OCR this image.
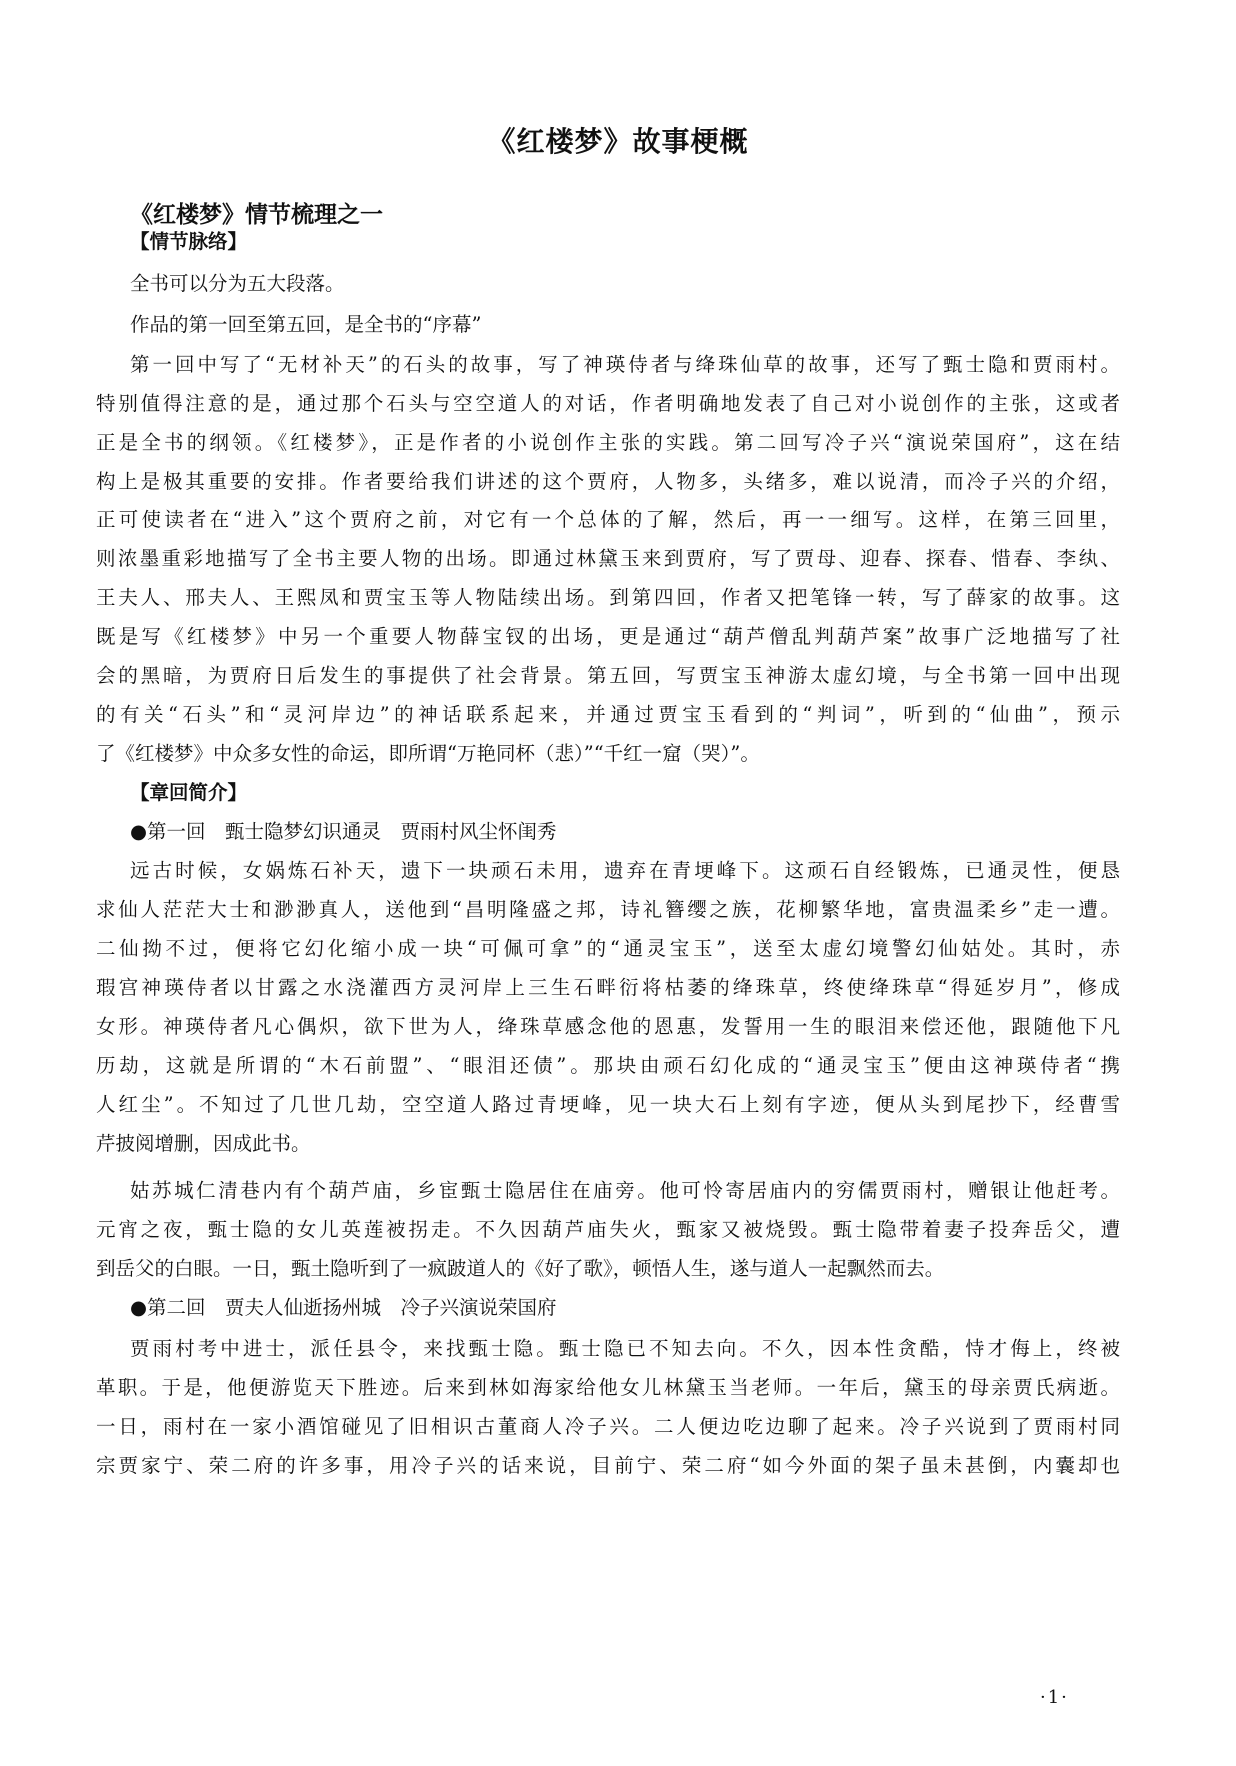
《红楼梦》故事梗概
《红楼梦》情节梳理之一
【情节脉络】
全书可以分为五大段落。
作品的第一回至第五回，是全书的“序幕”
第一回中写了“无材补天”的石头的故事，写了神瑛侍者与绛珠仙草的故事，还写了甄士隐和贾雨村。
特别值得注意的是，通过那个石头与空空道人的对话，作者明确地发表了自己对小说创作的主张，这或者
正是全书的纲领。《红楼梦》，正是作者的小说创作主张的实践。第二回写冷子兴“演说荣国府”，这在结
构上是极其重要的安排。作者要给我们讲述的这个贾府，人物多，头绪多，难以说清，而冷子兴的介绍，
正可使读者在“进入”这个贾府之前，对它有一个总体的了解，然后，再一一细写。这样，在第三回里，
则浓墨重彩地描写了全书主要人物的出场。即通过林黛玉来到贾府，写了贾母、迎春、探春、惜春、李纨、
王夫人、邢夫人、王熙凤和贾宝玉等人物陆续出场。到第四回，作者又把笔锋一转，写了薛家的故事。这
既是写《红楼梦》中另一个重要人物薛宝钗的出场，更是通过“葫芦僧乱判葫芦案”故事广泛地描写了社
会的黑暗，为贾府日后发生的事提供了社会背景。第五回，写贾宝玉神游太虚幻境，与全书第一回中出现
的有关“石头”和“灵河岸边”的神话联系起来，并通过贾宝玉看到的“判词”，听到的“仙曲”，预示
了《红楼梦》中众多女性的命运，即所谓“万艳同杯（悲）”“千红一窟（哭）”。
【章回简介】
●第一回　甄士隐梦幻识通灵　贾雨村风尘怀闺秀
远古时候，女娲炼石补天，遗下一块顽石未用，遗弃在青埂峰下。这顽石自经锻炼，已通灵性，便恳
求仙人茫茫大士和渺渺真人，送他到“昌明隆盛之邦，诗礼簪缨之族，花柳繁华地，富贵温柔乡”走一遭。
二仙拗不过，便将它幻化缩小成一块“可佩可拿”的“通灵宝玉”，送至太虚幻境警幻仙姑处。其时，赤
瑕宫神瑛侍者以甘露之水浇灌西方灵河岸上三生石畔衍将枯萎的绛珠草，终使绛珠草“得延岁月”，修成
女形。神瑛侍者凡心偶炽，欲下世为人，绛珠草感念他的恩惠，发誓用一生的眼泪来偿还他，跟随他下凡
历劫，这就是所谓的“木石前盟”、“眼泪还债”。那块由顽石幻化成的“通灵宝玉”便由这神瑛侍者“携
人红尘”。不知过了几世几劫，空空道人路过青埂峰，见一块大石上刻有字迹，便从头到尾抄下，经曹雪
芹披阅增删，因成此书。
姑苏城仁清巷内有个葫芦庙，乡宦甄士隐居住在庙旁。他可怜寄居庙内的穷儒贾雨村，赠银让他赶考。
元宵之夜，甄士隐的女儿英莲被拐走。不久因葫芦庙失火，甄家又被烧毁。甄士隐带着妻子投奔岳父，遭
到岳父的白眼。一日，甄土隐听到了一疯跛道人的《好了歌》，顿悟人生，遂与道人一起飘然而去。
●第二回　贾夫人仙逝扬州城　冷子兴演说荣国府
贾雨村考中进士，派任县令，来找甄士隐。甄士隐已不知去向。不久，因本性贪酷，恃才侮上，终被
革职。于是，他便游览天下胜迹。后来到林如海家给他女儿林黛玉当老师。一年后，黛玉的母亲贾氏病逝。
一日，雨村在一家小酒馆碰见了旧相识古董商人冷子兴。二人便边吃边聊了起来。冷子兴说到了贾雨村同
宗贾家宁、荣二府的许多事，用冷子兴的话来说，目前宁、荣二府“如今外面的架子虽未甚倒，内囊却也
·1·
